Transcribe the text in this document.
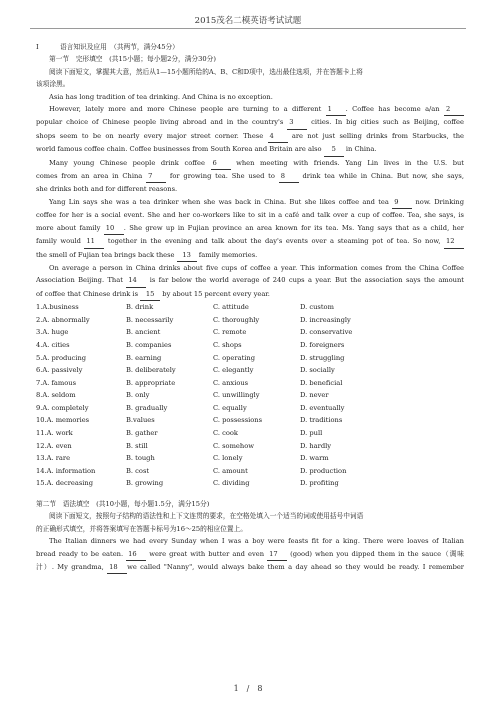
2015茂名二模英语考试试题
I	语言知识及应用　（共两节，满分45分）
第一节　完形填空　(共15小题；每小题2分，满分30分)
阅读下面短文，掌握其大意，然后从1—15小题所给的A、B、C和D项中，选出最佳选项，并在答题卡上将
该项涂黑。
Asia has long tradition of tea drinking. And China is no exception.
However, lately more and more Chinese people are turning to a different 1 . Coffee has become a/an 2
popular choice of Chinese people living abroad and in the country's 3	cities. In big cities such as Beijing, coffee
shops seem to be on nearly every major street corner. These 4	are not just selling drinks from Starbucks, the
world famous coffee chain. Coffee businesses from South Korea and Britain are also 5 in China.
Many young Chinese people drink coffee 6	when meeting with friends. Yang Lin lives in the U.S. but
comes from an area in China 7	for growing tea. She used to 8	drink tea while in China. But now, she says,
she drinks both and for different reasons.
Yang Lin says she was a tea drinker when she was back in China. But she likes coffee and tea 9	now. Drinking
coffee for her is a social event. She and her co-workers like to sit in a café and talk over a cup of coffee. Tea, she says, is
more about family 10 . She grew up in Fujian province an area known for its tea. Ms. Yang says that as a child, her
family would 11 together in the evening and talk about the day's events over a steaming pot of tea. So now, 12
the smell of Fujian tea brings back these 13 family memories.
On average a person in China drinks about five cups of coffee a year. This information comes from the China Coffee
Association Beijing. That 14 is far below the world average of 240 cups a year. But the association says the amount
of coffee that Chinese drink is 15 by about 15 percent every year.
1.A.business	B. drink	C. attitude	D. custom
2.A. abnormally	B. necessarily	C. thoroughly	D. increasingly
3.A. huge	B. ancient	C. remote	D. conservative
4.A. cities	B. companies	C. shops	D. foreigners
5.A. producing	B. earning	C. operating	D. struggling
6.A. passively	B. deliberately	C. elegantly	D. socially
7.A. famous	B. appropriate	C. anxious	D. beneficial
8.A. seldom	B. only	C. unwillingly	D. never
9.A. completely	B. gradually	C. equally	D. eventually
10.A. memories	B.values	C. possessions	D. traditions
11.A. work	B. gather	C. cook	D. pull
12.A. even	B. still	C. somehow	D. hardly
13.A. rare	B. tough	C. lonely	D. warm
14.A. information	B. cost	C. amount	D. production
15.A. decreasing	B. growing	C. dividing	D. profiting
第二节　语法填空　(共10小题，每小题1.5分，满分15分)
阅读下面短文，按照句子结构的语法性和上下文连贯的要求，在空格处填入一个适当的词或使用括号中词语
的正确形式填空，并将答案填写在答题卡标号为16～25的相应位置上。
The Italian dinners we had every Sunday when I was a boy were feasts fit for a king. There were loaves of Italian
bread ready to be eaten. 16 were great with butter and even 17 (good) when you dipped them in the sauce（调味
汁）. My grandma, 18 we called "Nanny", would always bake them a day ahead so they would be ready. I remember
1　/　8
